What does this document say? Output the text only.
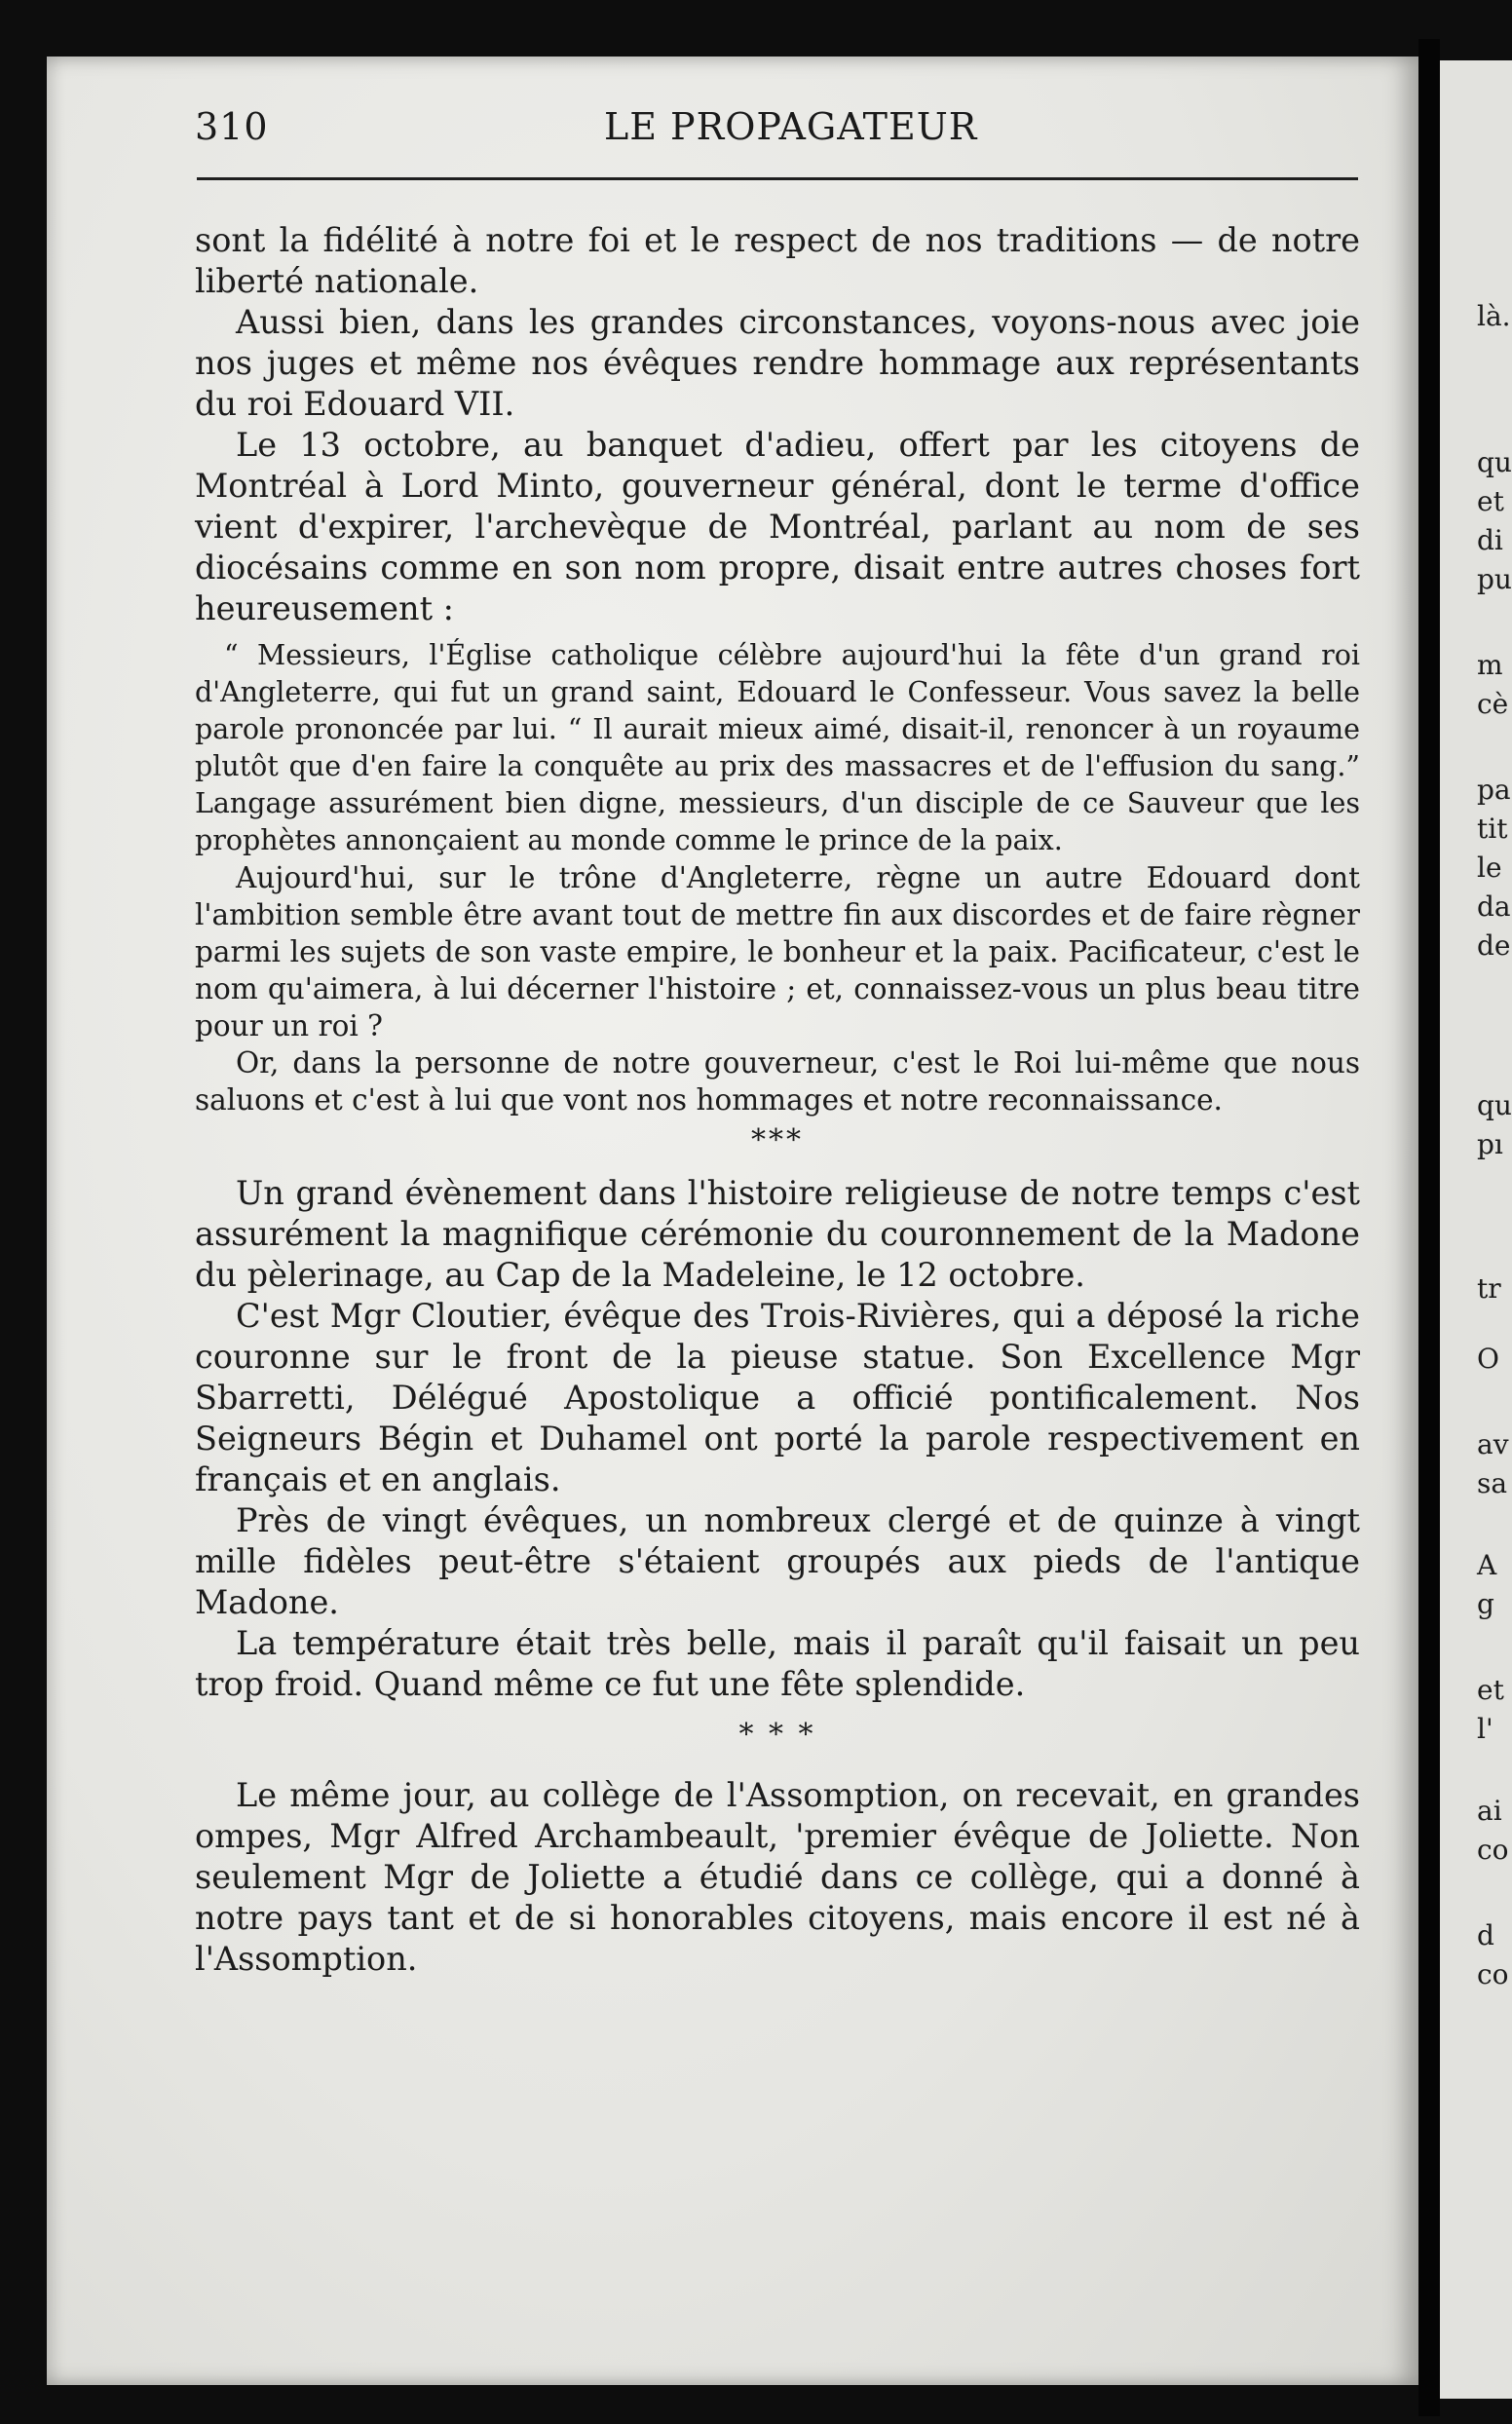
310	LE PROPAGATEUR

sont la fidélité à notre foi et le respect de nos traditions — de notre liberté nationale.

Aussi bien, dans les grandes circonstances, voyons-nous avec joie nos juges et même nos évêques rendre hommage aux représentants du roi Edouard VII.

Le 13 octobre, au banquet d'adieu, offert par les citoyens de Montréal à Lord Minto, gouverneur général, dont le terme d'office vient d'expirer, l'archevèque de Montréal, parlant au nom de ses diocésains comme en son nom propre, disait entre autres choses fort heureusement :

“ Messieurs, l'Église catholique célèbre aujourd'hui la fête d'un grand roi d'Angleterre, qui fut un grand saint, Edouard le Confesseur. Vous savez la belle parole prononcée par lui. “ Il aurait mieux aimé, disait-il, renoncer à un royaume plutôt que d'en faire la conquête au prix des massacres et de l'effusion du sang.” Langage assurément bien digne, messieurs, d'un disciple de ce Sauveur que les prophètes annonçaient au monde comme le prince de la paix.

Aujourd'hui, sur le trône d'Angleterre, règne un autre Edouard dont l'ambition semble être avant tout de mettre fin aux discordes et de faire règner parmi les sujets de son vaste empire, le bonheur et la paix. Pacificateur, c'est le nom qu'aimera, à lui décerner l'histoire ; et, connaissez-vous un plus beau titre pour un roi ?

Or, dans la personne de notre gouverneur, c'est le Roi lui-même que nous saluons et c'est à lui que vont nos hommages et notre reconnaissance.

***

Un grand évènement dans l'histoire religieuse de notre temps c'est assurément la magnifique cérémonie du couronnement de la Madone du pèlerinage, au Cap de la Madeleine, le 12 octobre.

C'est Mgr Cloutier, évêque des Trois-Rivières, qui a déposé la riche couronne sur le front de la pieuse statue. Son Excellence Mgr Sbarretti, Délégué Apostolique a officié pontificalement. Nos Seigneurs Bégin et Duhamel ont porté la parole respectivement en français et en anglais.

Près de vingt évêques, un nombreux clergé et de quinze à vingt mille fidèles peut-être s'étaient groupés aux pieds de l'antique Madone.

La température était très belle, mais il paraît qu'il faisait un peu trop froid. Quand même ce fut une fête splendide.

* * *

Le même jour, au collège de l'Assomption, on recevait, en grandes ompes, Mgr Alfred Archambeault, 'premier évêque de Joliette. Non seulement Mgr de Joliette a étudié dans ce collège, qui a donné à notre pays tant et de si honorables citoyens, mais encore il est né à l'Assomption.

là.
qu
et
di
pu
m
cè
pa
tit
le
da
de
qu
pı
tr
O
av
sa
A
g
et
l'
ai
co
d
co
